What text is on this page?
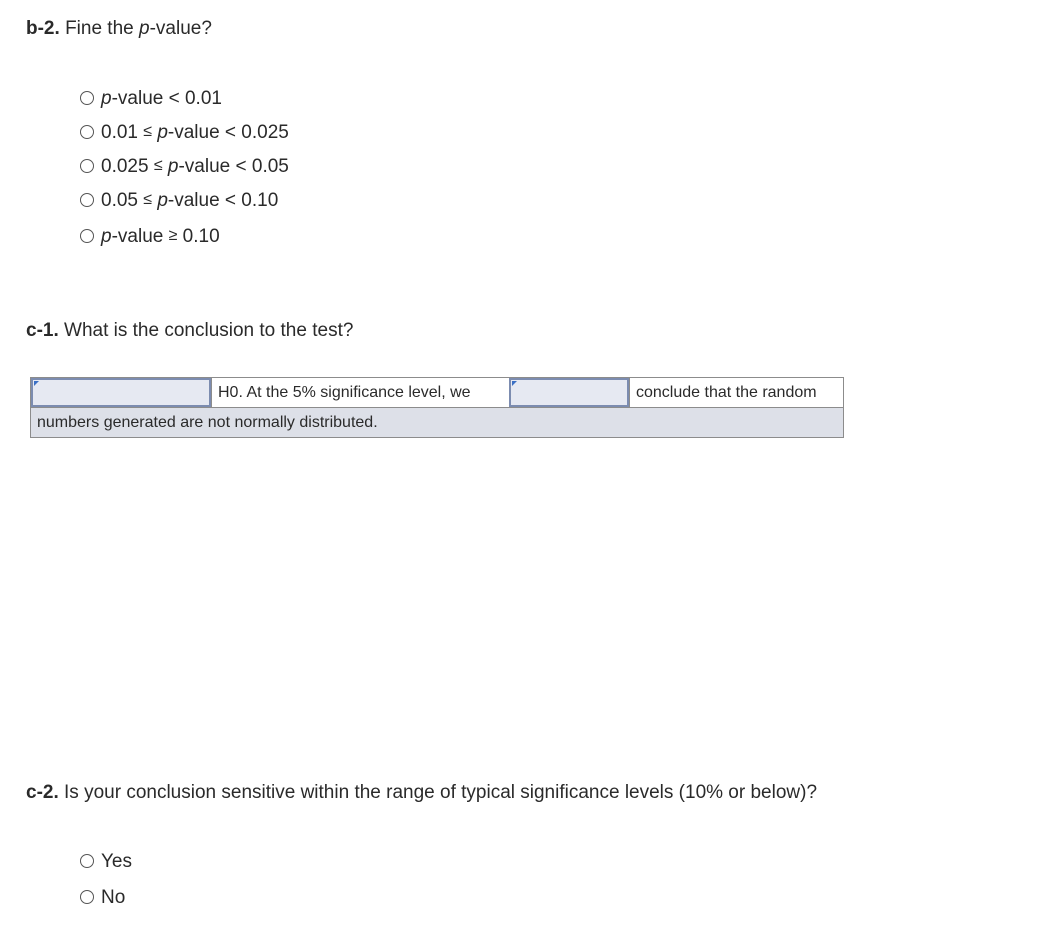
b-2. Fine the p-value?
p-value < 0.01
0.01 ≤ p-value < 0.025
0.025 ≤ p-value < 0.05
0.05 ≤ p-value < 0.10
p-value ≥ 0.10
c-1. What is the conclusion to the test?
H0. At the 5% significance level, we	conclude that the random
numbers generated are not normally distributed.
c-2. Is your conclusion sensitive within the range of typical significance levels (10% or below)?
Yes
No
